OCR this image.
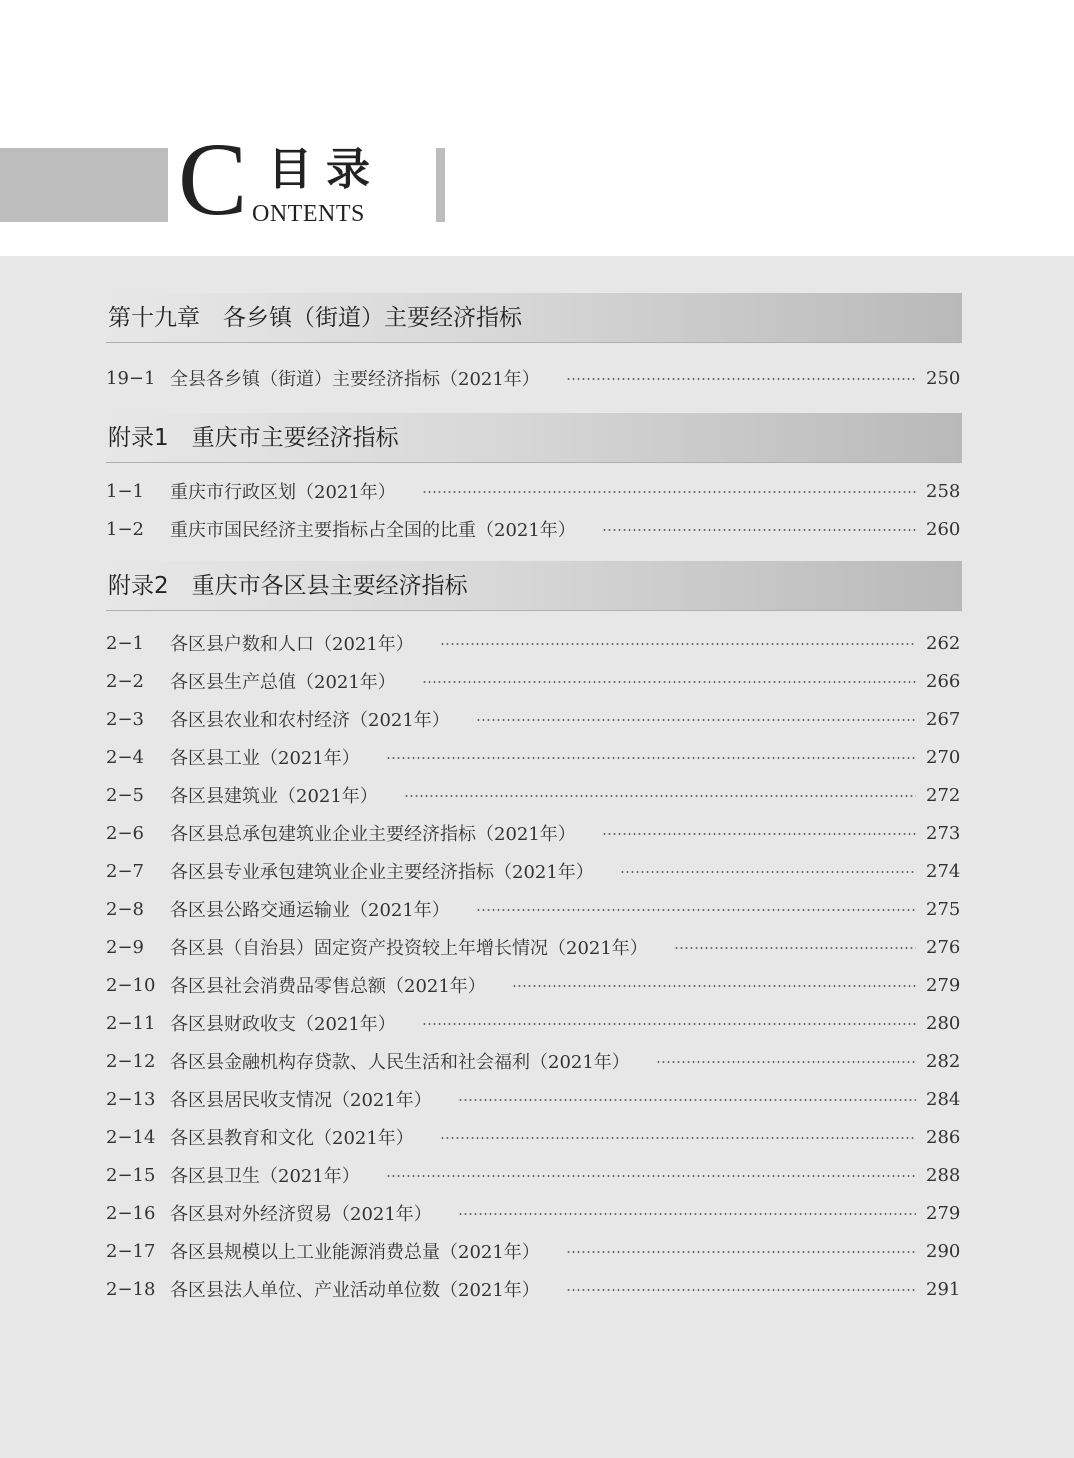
C 目录
ONTENTS
第十九章　各乡镇（街道）主要经济指标
19−1 全县各乡镇（街道）主要经济指标（2021年）	250
附录1　重庆市主要经济指标
1−1	重庆市行政区划（2021年）	258
1−2	重庆市国民经济主要指标占全国的比重（2021年）	260
附录2　重庆市各区县主要经济指标
2−1	各区县户数和人口（2021年）	262
2−2	各区县生产总值（2021年）	266
2−3	各区县农业和农村经济（2021年）	267
2−4	各区县工业（2021年）	270
2−5	各区县建筑业（2021年）	272
2−6	各区县总承包建筑业企业主要经济指标（2021年）	273
2−7	各区县专业承包建筑业企业主要经济指标（2021年）	274
2−8	各区县公路交通运输业（2021年）	275
2−9	各区县（自治县）固定资产投资较上年增长情况（2021年）	276
2−10 各区县社会消费品零售总额（2021年）	279
2−11 各区县财政收支（2021年）	280
2−12 各区县金融机构存贷款、人民生活和社会福利（2021年）	282
2−13 各区县居民收支情况（2021年）	284
2−14 各区县教育和文化（2021年）	286
2−15 各区县卫生（2021年）	288
2−16 各区县对外经济贸易（2021年）	279
2−17 各区县规模以上工业能源消费总量（2021年）	290
2−18 各区县法人单位、产业活动单位数（2021年）	291
